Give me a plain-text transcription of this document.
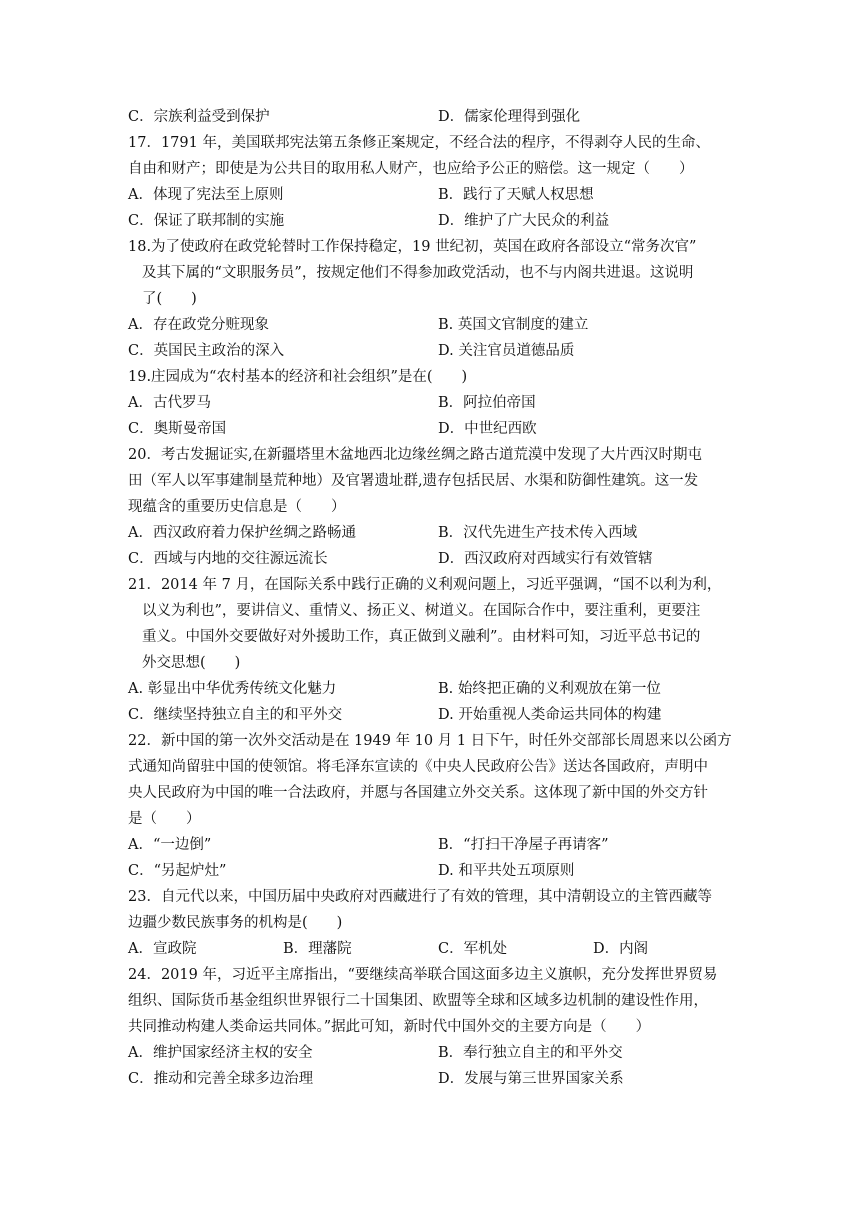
C．宗族利益受到保护	D．儒家伦理得到强化
17．1791 年，美国联邦宪法第五条修正案规定，不经合法的程序，不得剥夺人民的生命、
自由和财产；即使是为公共目的取用私人财产，也应给予公正的赔偿。这一规定（　　）
A．体现了宪法至上原则	B．践行了天赋人权思想
C．保证了联邦制的实施	D．维护了广大民众的利益
18.为了使政府在政党轮替时工作保持稳定，19 世纪初，英国在政府各部设立“常务次官”
及其下属的“文职服务员”，按规定他们不得参加政党活动，也不与内阁共进退。这说明
了(　　)
A．存在政党分赃现象	B. 英国文官制度的建立
C．英国民主政治的深入	D. 关注官员道德品质
19.庄园成为“农村基本的经济和社会组织”是在(　　)
A．古代罗马	B．阿拉伯帝国
C．奥斯曼帝国	D．中世纪西欧
20．考古发掘证实,在新疆塔里木盆地西北边缘丝绸之路古道荒漠中发现了大片西汉时期屯
田（军人以军事建制垦荒种地）及官署遗址群,遗存包括民居、水渠和防御性建筑。这一发
现蕴含的重要历史信息是（　　）
A．西汉政府着力保护丝绸之路畅通	B．汉代先进生产技术传入西域
C．西域与内地的交往源远流长	D．西汉政府对西域实行有效管辖
21．2014 年 7 月，在国际关系中践行正确的义利观问题上，习近平强调，“国不以利为利，
以义为利也”，要讲信义、重情义、扬正义、树道义。在国际合作中，要注重利，更要注
重义。中国外交要做好对外援助工作，真正做到义融利”。由材料可知，习近平总书记的
外交思想(　　)
A. 彰显出中华优秀传统文化魅力	B. 始终把正确的义利观放在第一位
C．继续坚持独立自主的和平外交	D. 开始重视人类命运共同体的构建
22．新中国的第一次外交活动是在 1949 年 10 月 1 日下午，时任外交部部长周恩来以公函方
式通知尚留驻中国的使领馆。将毛泽东宣读的《中央人民政府公告》送达各国政府，声明中
央人民政府为中国的唯一合法政府，并愿与各国建立外交关系。这体现了新中国的外交方针
是（　　）
A．“一边倒”	B．“打扫干净屋子再请客”
C．“另起炉灶”	D. 和平共处五项原则
23．自元代以来，中国历届中央政府对西藏进行了有效的管理，其中清朝设立的主管西藏等
边疆少数民族事务的机构是(　　)
A．宣政院	B．理藩院	C．军机处	D．内阁
24．2019 年，习近平主席指出，“要继续高举联合国这面多边主义旗帜，充分发挥世界贸易
组织、国际货币基金组织世界银行二十国集团、欧盟等全球和区域多边机制的建设性作用，
共同推动构建人类命运共同体。”据此可知，新时代中国外交的主要方向是（　　）
A．维护国家经济主权的安全	B．奉行独立自主的和平外交
C．推动和完善全球多边治理	D．发展与第三世界国家关系
